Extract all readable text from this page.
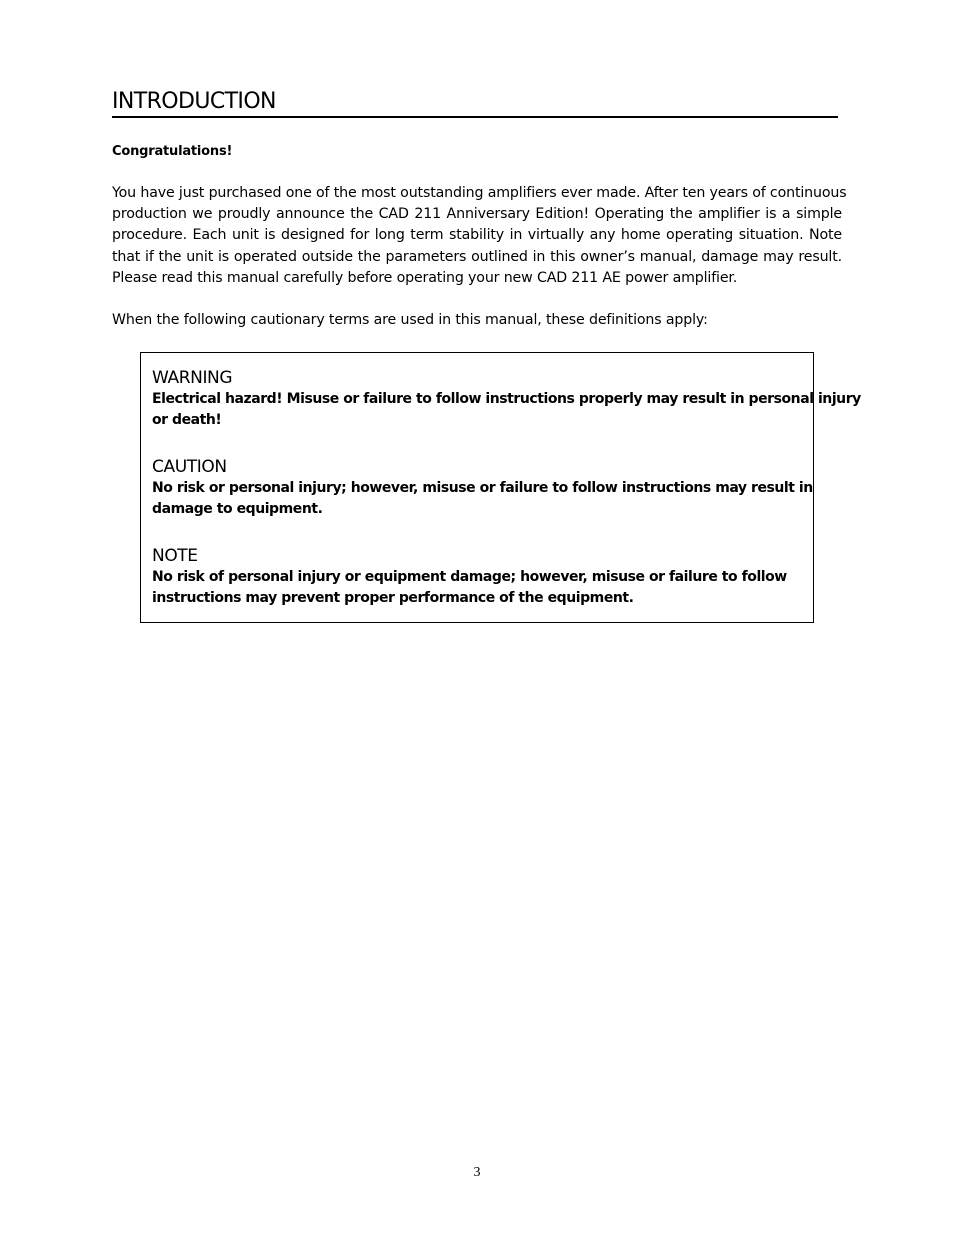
INTRODUCTION
Congratulations!
You have just purchased one of the most outstanding amplifiers ever made. After ten years of continuous
production we proudly announce the CAD 211 Anniversary Edition! Operating the amplifier is a simple
procedure. Each unit is designed for long term stability in virtually any home operating situation. Note
that if the unit is operated outside the parameters outlined in this owner’s manual, damage may result.
Please read this manual carefully before operating your new CAD 211 AE power amplifier.
When the following cautionary terms are used in this manual, these definitions apply:
WARNING
Electrical hazard! Misuse or failure to follow instructions properly may result in personal injury
or death!
CAUTION
No risk or personal injury; however, misuse or failure to follow instructions may result in
damage to equipment.
NOTE
No risk of personal injury or equipment damage; however, misuse or failure to follow
instructions may prevent proper performance of the equipment.
3
